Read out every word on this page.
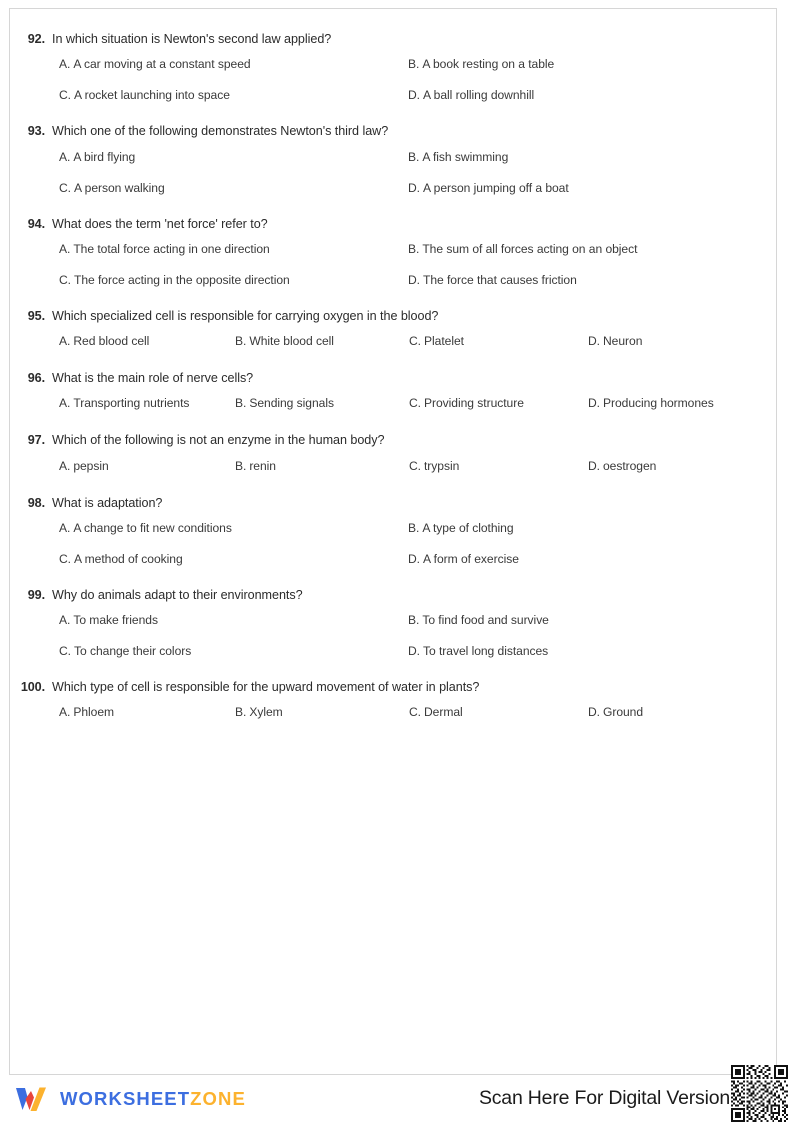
92. In which situation is Newton's second law applied?
A. A car moving at a constant speed	B. A book resting on a table
C. A rocket launching into space	D. A ball rolling downhill
93. Which one of the following demonstrates Newton's third law?
A. A bird flying	B. A fish swimming
C. A person walking	D. A person jumping off a boat
94. What does the term 'net force' refer to?
A. The total force acting in one direction	B. The sum of all forces acting on an object
C. The force acting in the opposite direction	D. The force that causes friction
95. Which specialized cell is responsible for carrying oxygen in the blood?
A. Red blood cell	B. White blood cell	C. Platelet	D. Neuron
96. What is the main role of nerve cells?
A. Transporting nutrients	B. Sending signals	C. Providing structure	D. Producing hormones
97. Which of the following is not an enzyme in the human body?
A. pepsin	B. renin	C. trypsin	D. oestrogen
98. What is adaptation?
A. A change to fit new conditions	B. A type of clothing
C. A method of cooking	D. A form of exercise
99. Why do animals adapt to their environments?
A. To make friends	B. To find food and survive
C. To change their colors	D. To travel long distances
100. Which type of cell is responsible for the upward movement of water in plants?
A. Phloem	B. Xylem	C. Dermal	D. Ground
WORKSHEETZONE	Scan Here For Digital Version
